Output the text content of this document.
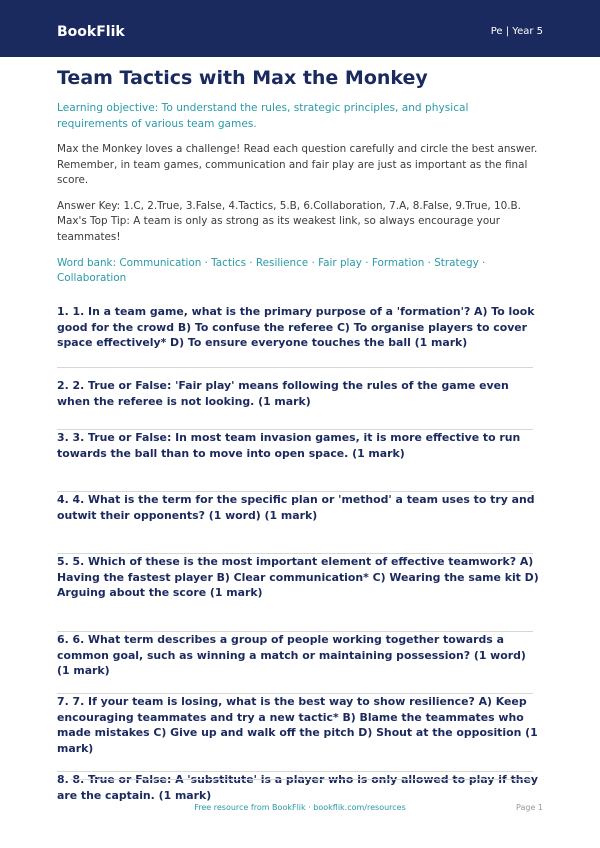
BookFlik	Pe | Year 5
Team Tactics with Max the Monkey

Learning objective: To understand the rules, strategic principles, and physical requirements of various team games.

Max the Monkey loves a challenge! Read each question carefully and circle the best answer. Remember, in team games, communication and fair play are just as important as the final score.

Answer Key: 1.C, 2.True, 3.False, 4.Tactics, 5.B, 6.Collaboration, 7.A, 8.False, 9.True, 10.B. Max's Top Tip: A team is only as strong as its weakest link, so always encourage your teammates!

Word bank: Communication · Tactics · Resilience · Fair play · Formation · Strategy · Collaboration

1. 1. In a team game, what is the primary purpose of a 'formation'? A) To look good for the crowd B) To confuse the referee C) To organise players to cover space effectively* D) To ensure everyone touches the ball (1 mark)

2. 2. True or False: 'Fair play' means following the rules of the game even when the referee is not looking. (1 mark)

3. 3. True or False: In most team invasion games, it is more effective to run towards the ball than to move into open space. (1 mark)

4. 4. What is the term for the specific plan or 'method' a team uses to try and outwit their opponents? (1 word) (1 mark)

5. 5. Which of these is the most important element of effective teamwork? A) Having the fastest player B) Clear communication* C) Wearing the same kit D) Arguing about the score (1 mark)

6. 6. What term describes a group of people working together towards a common goal, such as winning a match or maintaining possession? (1 word) (1 mark)

7. 7. If your team is losing, what is the best way to show resilience? A) Keep encouraging teammates and try a new tactic* B) Blame the teammates who made mistakes C) Give up and walk off the pitch D) Shout at the opposition (1 mark)

8. 8. True or False: A 'substitute' is a player who is only allowed to play if they are the captain. (1 mark)

Free resource from BookFlik · bookflik.com/resources	Page 1
